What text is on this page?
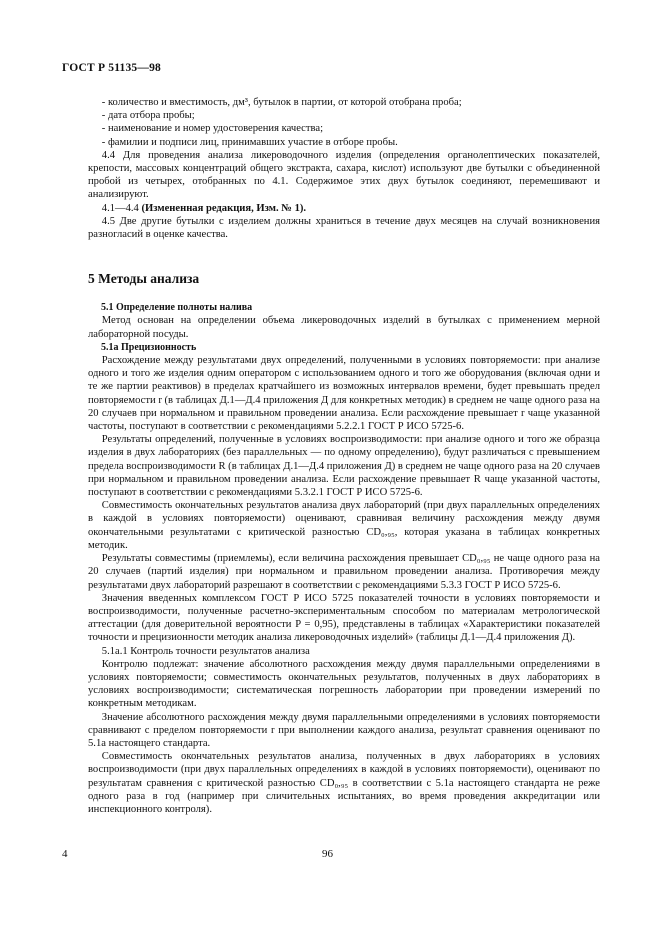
ГОСТ Р 51135—98

- количество и вместимость, дм³, бутылок в партии, от которой отобрана проба;

- дата отбора пробы;

- наименование и номер удостоверения качества;

- фамилии и подписи лиц, принимавших участие в отборе пробы.

4.4 Для проведения анализа ликероводочного изделия (определения органолептических показателей, крепости, массовых концентраций общего экстракта, сахара, кислот) используют две бутылки с объединенной пробой из четырех, отобранных по 4.1. Содержимое этих двух бутылок соединяют, перемешивают и анализируют.

4.1—4.4 (Измененная редакция, Изм. № 1).

4.5 Две другие бутылки с изделием должны храниться в течение двух месяцев на случай возникновения разногласий в оценке качества.

5 Методы анализа

5.1 Определение полноты налива

Метод основан на определении объема ликероводочных изделий в бутылках с применением мерной лабораторной посуды.

5.1а Прецизионность

Расхождение между результатами двух определений, полученными в условиях повторяемости: при анализе одного и того же изделия одним оператором с использованием одного и того же оборудования (включая одни и те же партии реактивов) в пределах кратчайшего из возможных интервалов времени, будет превышать предел повторяемости r (в таблицах Д.1—Д.4 приложения Д для конкретных методик) в среднем не чаще одного раза на 20 случаев при нормальном и правильном проведении анализа. Если расхождение превышает r чаще указанной частоты, поступают в соответствии с рекомендациями 5.2.2.1 ГОСТ Р ИСО 5725-6.

Результаты определений, полученные в условиях воспроизводимости: при анализе одного и того же образца изделия в двух лабораториях (без параллельных — по одному определению), будут различаться с превышением предела воспроизводимости R (в таблицах Д.1—Д.4 приложения Д) в среднем не чаще одного раза на 20 случаев при нормальном и правильном проведении анализа. Если расхождение превышает R чаще указанной частоты, поступают в соответствии с рекомендациями 5.3.2.1 ГОСТ Р ИСО 5725-6.

Совместимость окончательных результатов анализа двух лабораторий (при двух параллельных определениях в каждой в условиях повторяемости) оценивают, сравнивая величину расхождения между двумя окончательными результатами с критической разностью CD₀,₉₅, которая указана в таблицах конкретных методик.

Результаты совместимы (приемлемы), если величина расхождения превышает CD₀,₉₅ не чаще одного раза на 20 случаев (партий изделия) при нормальном и правильном проведении анализа. Противоречия между результатами двух лабораторий разрешают в соответствии с рекомендациями 5.3.3 ГОСТ Р ИСО 5725-6.

Значения введенных комплексом ГОСТ Р ИСО 5725 показателей точности в условиях повторяемости и воспроизводимости, полученные расчетно-экспериментальным способом по материалам метрологической аттестации (для доверительной вероятности P = 0,95), представлены в таблицах «Характеристики показателей точности и прецизионности методик анализа ликероводочных изделий» (таблицы Д.1—Д.4 приложения Д).

5.1а.1 Контроль точности результатов анализа

Контролю подлежат: значение абсолютного расхождения между двумя параллельными определениями в условиях повторяемости; совместимость окончательных результатов, полученных в двух лабораториях в условиях воспроизводимости; систематическая погрешность лаборатории при проведении измерений по конкретным методикам.

Значение абсолютного расхождения между двумя параллельными определениями в условиях повторяемости сравнивают с пределом повторяемости r при выполнении каждого анализа, результат сравнения оценивают по 5.1а настоящего стандарта.

Совместимость окончательных результатов анализа, полученных в двух лабораториях в условиях воспроизводимости (при двух параллельных определениях в каждой в условиях повторяемости), оценивают по результатам сравнения с критической разностью CD₀,₉₅ в соответствии с 5.1а настоящего стандарта не реже одного раза в год (например при сличительных испытаниях, во время проведения аккредитации или инспекционного контроля).

4	96
